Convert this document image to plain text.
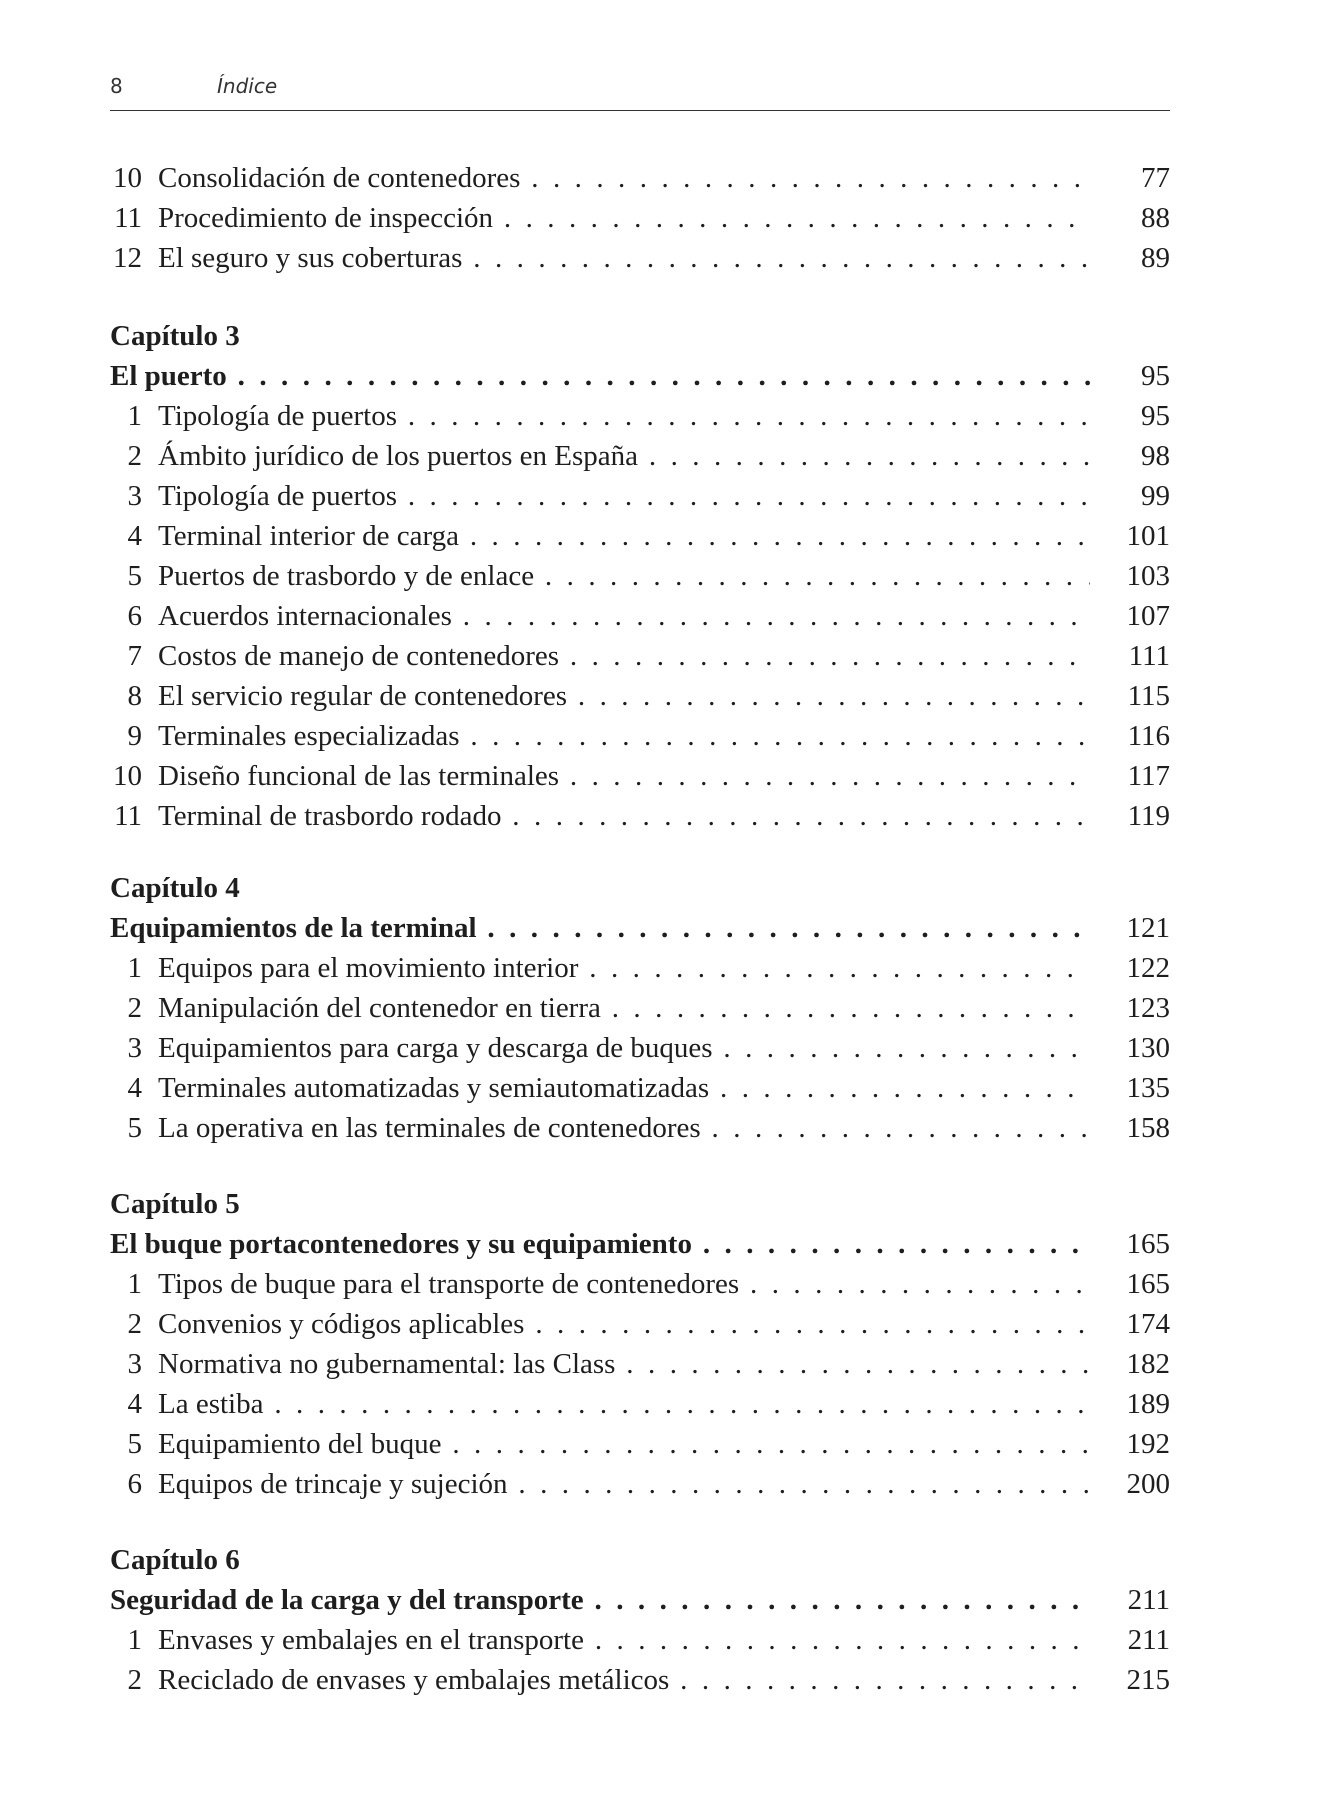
8	Índice
10 Consolidación de contenedores . . .	77
11 Procedimiento de inspección . . .	88
12 El seguro y sus coberturas . . .	89
Capítulo 3
El puerto . . .	95
1 Tipología de puertos . . .	95
2 Ámbito jurídico de los puertos en España . . .	98
3 Tipología de puertos . . .	99
4 Terminal interior de carga . . .	101
5 Puertos de trasbordo y de enlace . . .	103
6 Acuerdos internacionales . . .	107
7 Costos de manejo de contenedores . . .	111
8 El servicio regular de contenedores . . .	115
9 Terminales especializadas . . .	116
10 Diseño funcional de las terminales . . .	117
11 Terminal de trasbordo rodado . . .	119
Capítulo 4
Equipamientos de la terminal . . .	121
1 Equipos para el movimiento interior . . .	122
2 Manipulación del contenedor en tierra . . .	123
3 Equipamientos para carga y descarga de buques . . .	130
4 Terminales automatizadas y semiautomatizadas . . .	135
5 La operativa en las terminales de contenedores . . .	158
Capítulo 5
El buque portacontenedores y su equipamiento . . .	165
1 Tipos de buque para el transporte de contenedores . . .	165
2 Convenios y códigos aplicables . . .	174
3 Normativa no gubernamental: las Class . . .	182
4 La estiba . . .	189
5 Equipamiento del buque . . .	192
6 Equipos de trincaje y sujeción . . .	200
Capítulo 6
Seguridad de la carga y del transporte . . .	211
1 Envases y embalajes en el transporte . . .	211
2 Reciclado de envases y embalajes metálicos . . .	215
